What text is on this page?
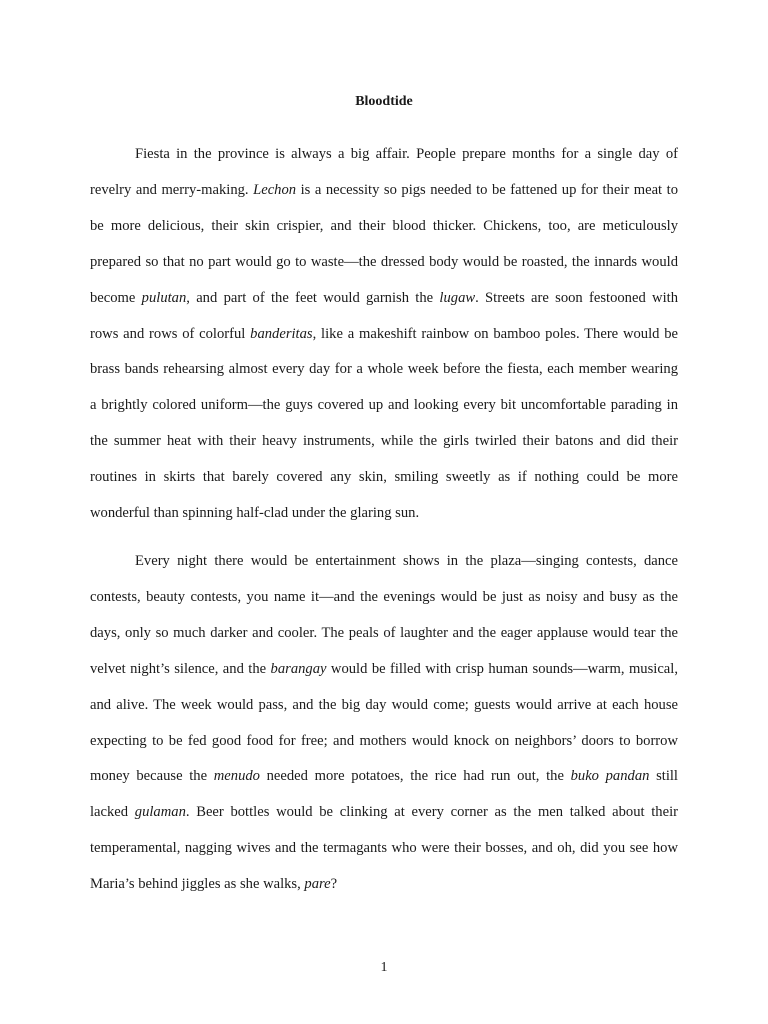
Bloodtide
Fiesta in the province is always a big affair. People prepare months for a single day of
revelry and merry-making. Lechon is a necessity so pigs needed to be fattened up for their meat to
be more delicious, their skin crispier, and their blood thicker. Chickens, too, are meticulously
prepared so that no part would go to waste—the dressed body would be roasted, the innards would
become pulutan, and part of the feet would garnish the lugaw. Streets are soon festooned with
rows and rows of colorful banderitas, like a makeshift rainbow on bamboo poles. There would be
brass bands rehearsing almost every day for a whole week before the fiesta, each member wearing
a brightly colored uniform—the guys covered up and looking every bit uncomfortable parading in
the summer heat with their heavy instruments, while the girls twirled their batons and did their
routines in skirts that barely covered any skin, smiling sweetly as if nothing could be more
wonderful than spinning half-clad under the glaring sun.
Every night there would be entertainment shows in the plaza—singing contests, dance
contests, beauty contests, you name it—and the evenings would be just as noisy and busy as the
days, only so much darker and cooler. The peals of laughter and the eager applause would tear the
velvet night’s silence, and the barangay would be filled with crisp human sounds—warm, musical,
and alive. The week would pass, and the big day would come; guests would arrive at each house
expecting to be fed good food for free; and mothers would knock on neighbors’ doors to borrow
money because the menudo needed more potatoes, the rice had run out, the buko pandan still
lacked gulaman. Beer bottles would be clinking at every corner as the men talked about their
temperamental, nagging wives and the termagants who were their bosses, and oh, did you see how
Maria’s behind jiggles as she walks, pare?
1
